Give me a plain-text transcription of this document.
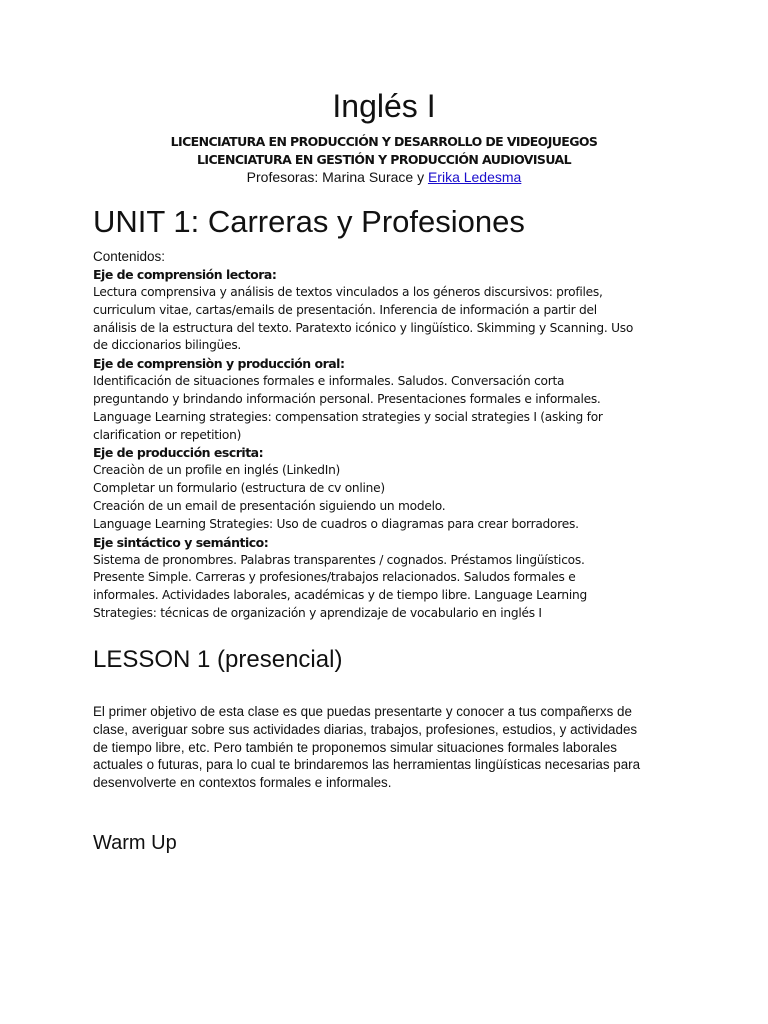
Inglés I

LICENCIATURA EN PRODUCCIÓN Y DESARROLLO DE VIDEOJUEGOS

LICENCIATURA EN GESTIÓN Y PRODUCCIÓN AUDIOVISUAL

Profesoras: Marina Surace y Erika Ledesma

UNIT 1: Carreras y Profesiones

Contenidos:

Eje de comprensión lectora:

Lectura comprensiva y análisis de textos vinculados a los géneros discursivos: profiles,

curriculum vitae, cartas/emails de presentación. Inferencia de información a partir del

análisis de la estructura del texto. Paratexto icónico y lingüístico. Skimming y Scanning. Uso

de diccionarios bilingües.

Eje de comprensiòn y producción oral:

Identificación de situaciones formales e informales. Saludos. Conversación corta

preguntando y brindando información personal. Presentaciones formales e informales.

Language Learning strategies: compensation strategies y social strategies I (asking for

clarification or repetition)

Eje de producción escrita:

Creaciòn de un profile en inglés (LinkedIn)

Completar un formulario (estructura de cv online)

Creación de un email de presentación siguiendo un modelo.

Language Learning Strategies: Uso de cuadros o diagramas para crear borradores.

Eje sintáctico y semántico:

Sistema de pronombres. Palabras transparentes / cognados. Préstamos lingüísticos.

Presente Simple. Carreras y profesiones/trabajos relacionados. Saludos formales e

informales. Actividades laborales, académicas y de tiempo libre. Language Learning

Strategies: técnicas de organización y aprendizaje de vocabulario en inglés I

LESSON 1 (presencial)
El primer objetivo de esta clase es que puedas presentarte y conocer a tus compañerxs de
clase, averiguar sobre sus actividades diarias, trabajos, profesiones, estudios, y actividades
de tiempo libre, etc. Pero también te proponemos simular situaciones formales laborales
actuales o futuras, para lo cual te brindaremos las herramientas lingüísticas necesarias para
desenvolverte en contextos formales e informales.
Warm Up
